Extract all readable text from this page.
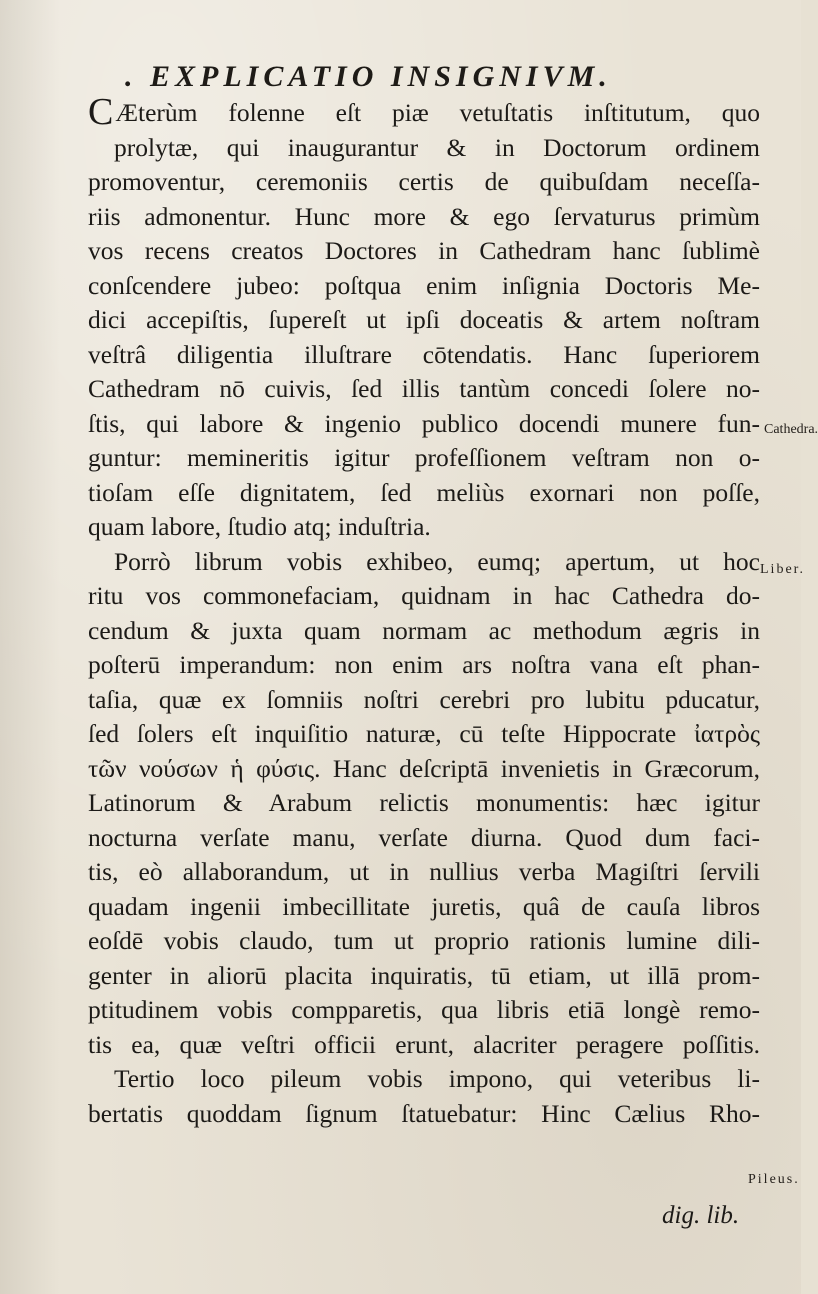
. EXPLICATIO INSIGNIVM.
C Æterùm folenne eſt piæ vetuſtatis inſtitutum, quo
prolytæ, qui inaugurantur & in Doctorum ordinem
promoventur, ceremoniis certis de quibuſdam neceſſa-
riis admonentur. Hunc more & ego ſervaturus primùm
vos recens creatos Doctores in Cathedram hanc ſublimè
conſcendere jubeo: poſtqua enim inſignia Doctoris Me-
dici accepiſtis, ſupereſt ut ipſi doceatis & artem noſtram
veſtrâ diligentia illuſtrare cōtendatis. Hanc ſuperiorem
Cathedram nō cuivis, ſed illis tantùm concedi ſolere no-
ſtis, qui labore & ingenio publico docendi munere fun-
guntur: memineritis igitur profeſſionem veſtram non o-
tioſam eſſe dignitatem, ſed meliùs exornari non poſſe,
quam labore, ſtudio atq; induſtria.
Porrò librum vobis exhibeo, eumq; apertum, ut hoc
ritu vos commonefaciam, quidnam in hac Cathedra do-
cendum & juxta quam normam ac methodum ægris in
poſterū imperandum: non enim ars noſtra vana eſt phan-
taſia, quæ ex ſomniis noſtri cerebri pro lubitu pducatur,
ſed ſolers eſt inquiſitio naturæ, cū teſte Hippocrate ἰατρὸς
τῶν νούσων ἡ φύσις. Hanc deſcriptā invenietis in Græcorum,
Latinorum & Arabum relictis monumentis: hæc igitur
nocturna verſate manu, verſate diurna. Quod dum faci-
tis, eò allaborandum, ut in nullius verba Magiſtri ſervili
quadam ingenii imbecillitate juretis, quâ de cauſa libros
eoſdē vobis claudo, tum ut proprio rationis lumine dili-
genter in aliorū placita inquiratis, tū etiam, ut illā prom-
ptitudinem vobis compparetis, qua libris etiā longè remo-
tis ea, quæ veſtri officii erunt, alacriter peragere poſſitis.
Tertio loco pileum vobis impono, qui veteribus li-
bertatis quoddam ſignum ſtatuebatur: Hinc Cælius Rho-
dig. lib.
Cathedra.
Liber.
Pileus.
